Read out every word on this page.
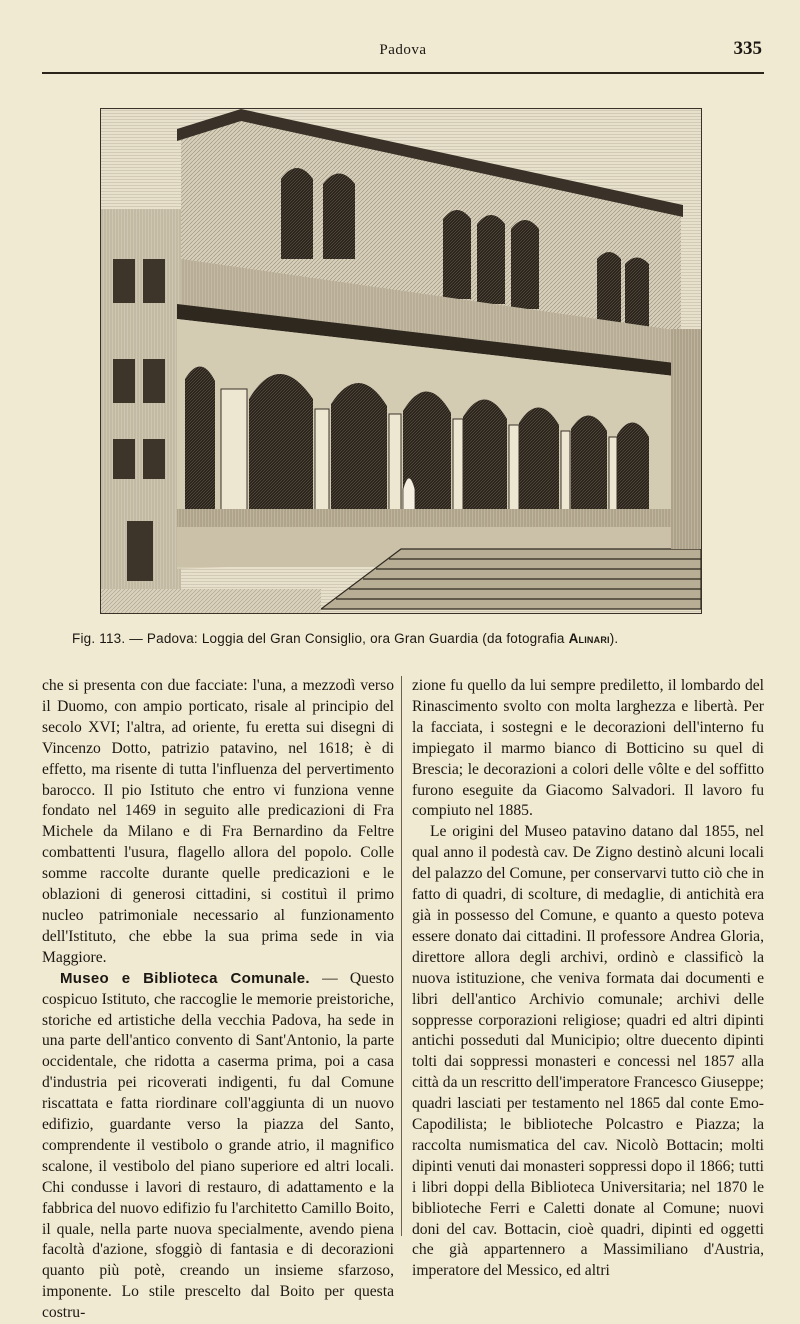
Padova	335
Fig. 113. — Padova: Loggia del Gran Consiglio, ora Gran Guardia (da fotografia Alinari).

che si presenta con due facciate: l'una, a mezzodì verso il Duomo, con ampio porticato, risale al principio del secolo XVI; l'altra, ad oriente, fu eretta sui disegni di Vincenzo Dotto, patrizio patavino, nel 1618; è di effetto, ma risente di tutta l'influenza del pervertimento barocco. Il pio Istituto che entro vi funziona venne fondato nel 1469 in seguito alle predicazioni di Fra Michele da Milano e di Fra Bernardino da Feltre combattenti l'usura, flagello allora del popolo. Colle somme raccolte durante quelle predicazioni e le oblazioni di generosi cittadini, si costituì il primo nucleo patrimoniale necessario al funzionamento dell'Istituto, che ebbe la sua prima sede in via Maggiore.

Museo e Biblioteca Comunale. — Questo cospicuo Istituto, che raccoglie le memorie preistoriche, storiche ed artistiche della vecchia Padova, ha sede in una parte dell'antico convento di Sant'Antonio, la parte occidentale, che ridotta a caserma prima, poi a casa d'industria pei ricoverati indigenti, fu dal Comune riscattata e fatta riordinare coll'aggiunta di un nuovo edifizio, guardante verso la piazza del Santo, comprendente il vestibolo o grande atrio, il magnifico scalone, il vestibolo del piano superiore ed altri locali. Chi condusse i lavori di restauro, di adattamento e la fabbrica del nuovo edifizio fu l'architetto Camillo Boito, il quale, nella parte nuova specialmente, avendo piena facoltà d'azione, sfoggiò di fantasia e di decorazioni quanto più potè, creando un insieme sfarzoso, imponente. Lo stile prescelto dal Boito per questa costru-

zione fu quello da lui sempre prediletto, il lombardo del Rinascimento svolto con molta larghezza e libertà. Per la facciata, i sostegni e le decorazioni dell'interno fu impiegato il marmo bianco di Botticino su quel di Brescia; le decorazioni a colori delle vôlte e del soffitto furono eseguite da Giacomo Salvadori. Il lavoro fu compiuto nel 1885.

Le origini del Museo patavino datano dal 1855, nel qual anno il podestà cav. De Zigno destinò alcuni locali del palazzo del Comune, per conservarvi tutto ciò che in fatto di quadri, di scolture, di medaglie, di antichità era già in possesso del Comune, e quanto a questo poteva essere donato dai cittadini. Il professore Andrea Gloria, direttore allora degli archivi, ordinò e classificò la nuova istituzione, che veniva formata dai documenti e libri dell'antico Archivio comunale; archivi delle soppresse corporazioni religiose; quadri ed altri dipinti antichi posseduti dal Municipio; oltre duecento dipinti tolti dai soppressi monasteri e concessi nel 1857 alla città da un rescritto dell'imperatore Francesco Giuseppe; quadri lasciati per testamento nel 1865 dal conte Emo-Capodilista; le biblioteche Polcastro e Piazza; la raccolta numismatica del cav. Nicolò Bottacin; molti dipinti venuti dai monasteri soppressi dopo il 1866; tutti i libri doppi della Biblioteca Universitaria; nel 1870 le biblioteche Ferri e Caletti donate al Comune; nuovi doni del cav. Bottacin, cioè quadri, dipinti ed oggetti che già appartennero a Massimiliano d'Austria, imperatore del Messico, ed altri
